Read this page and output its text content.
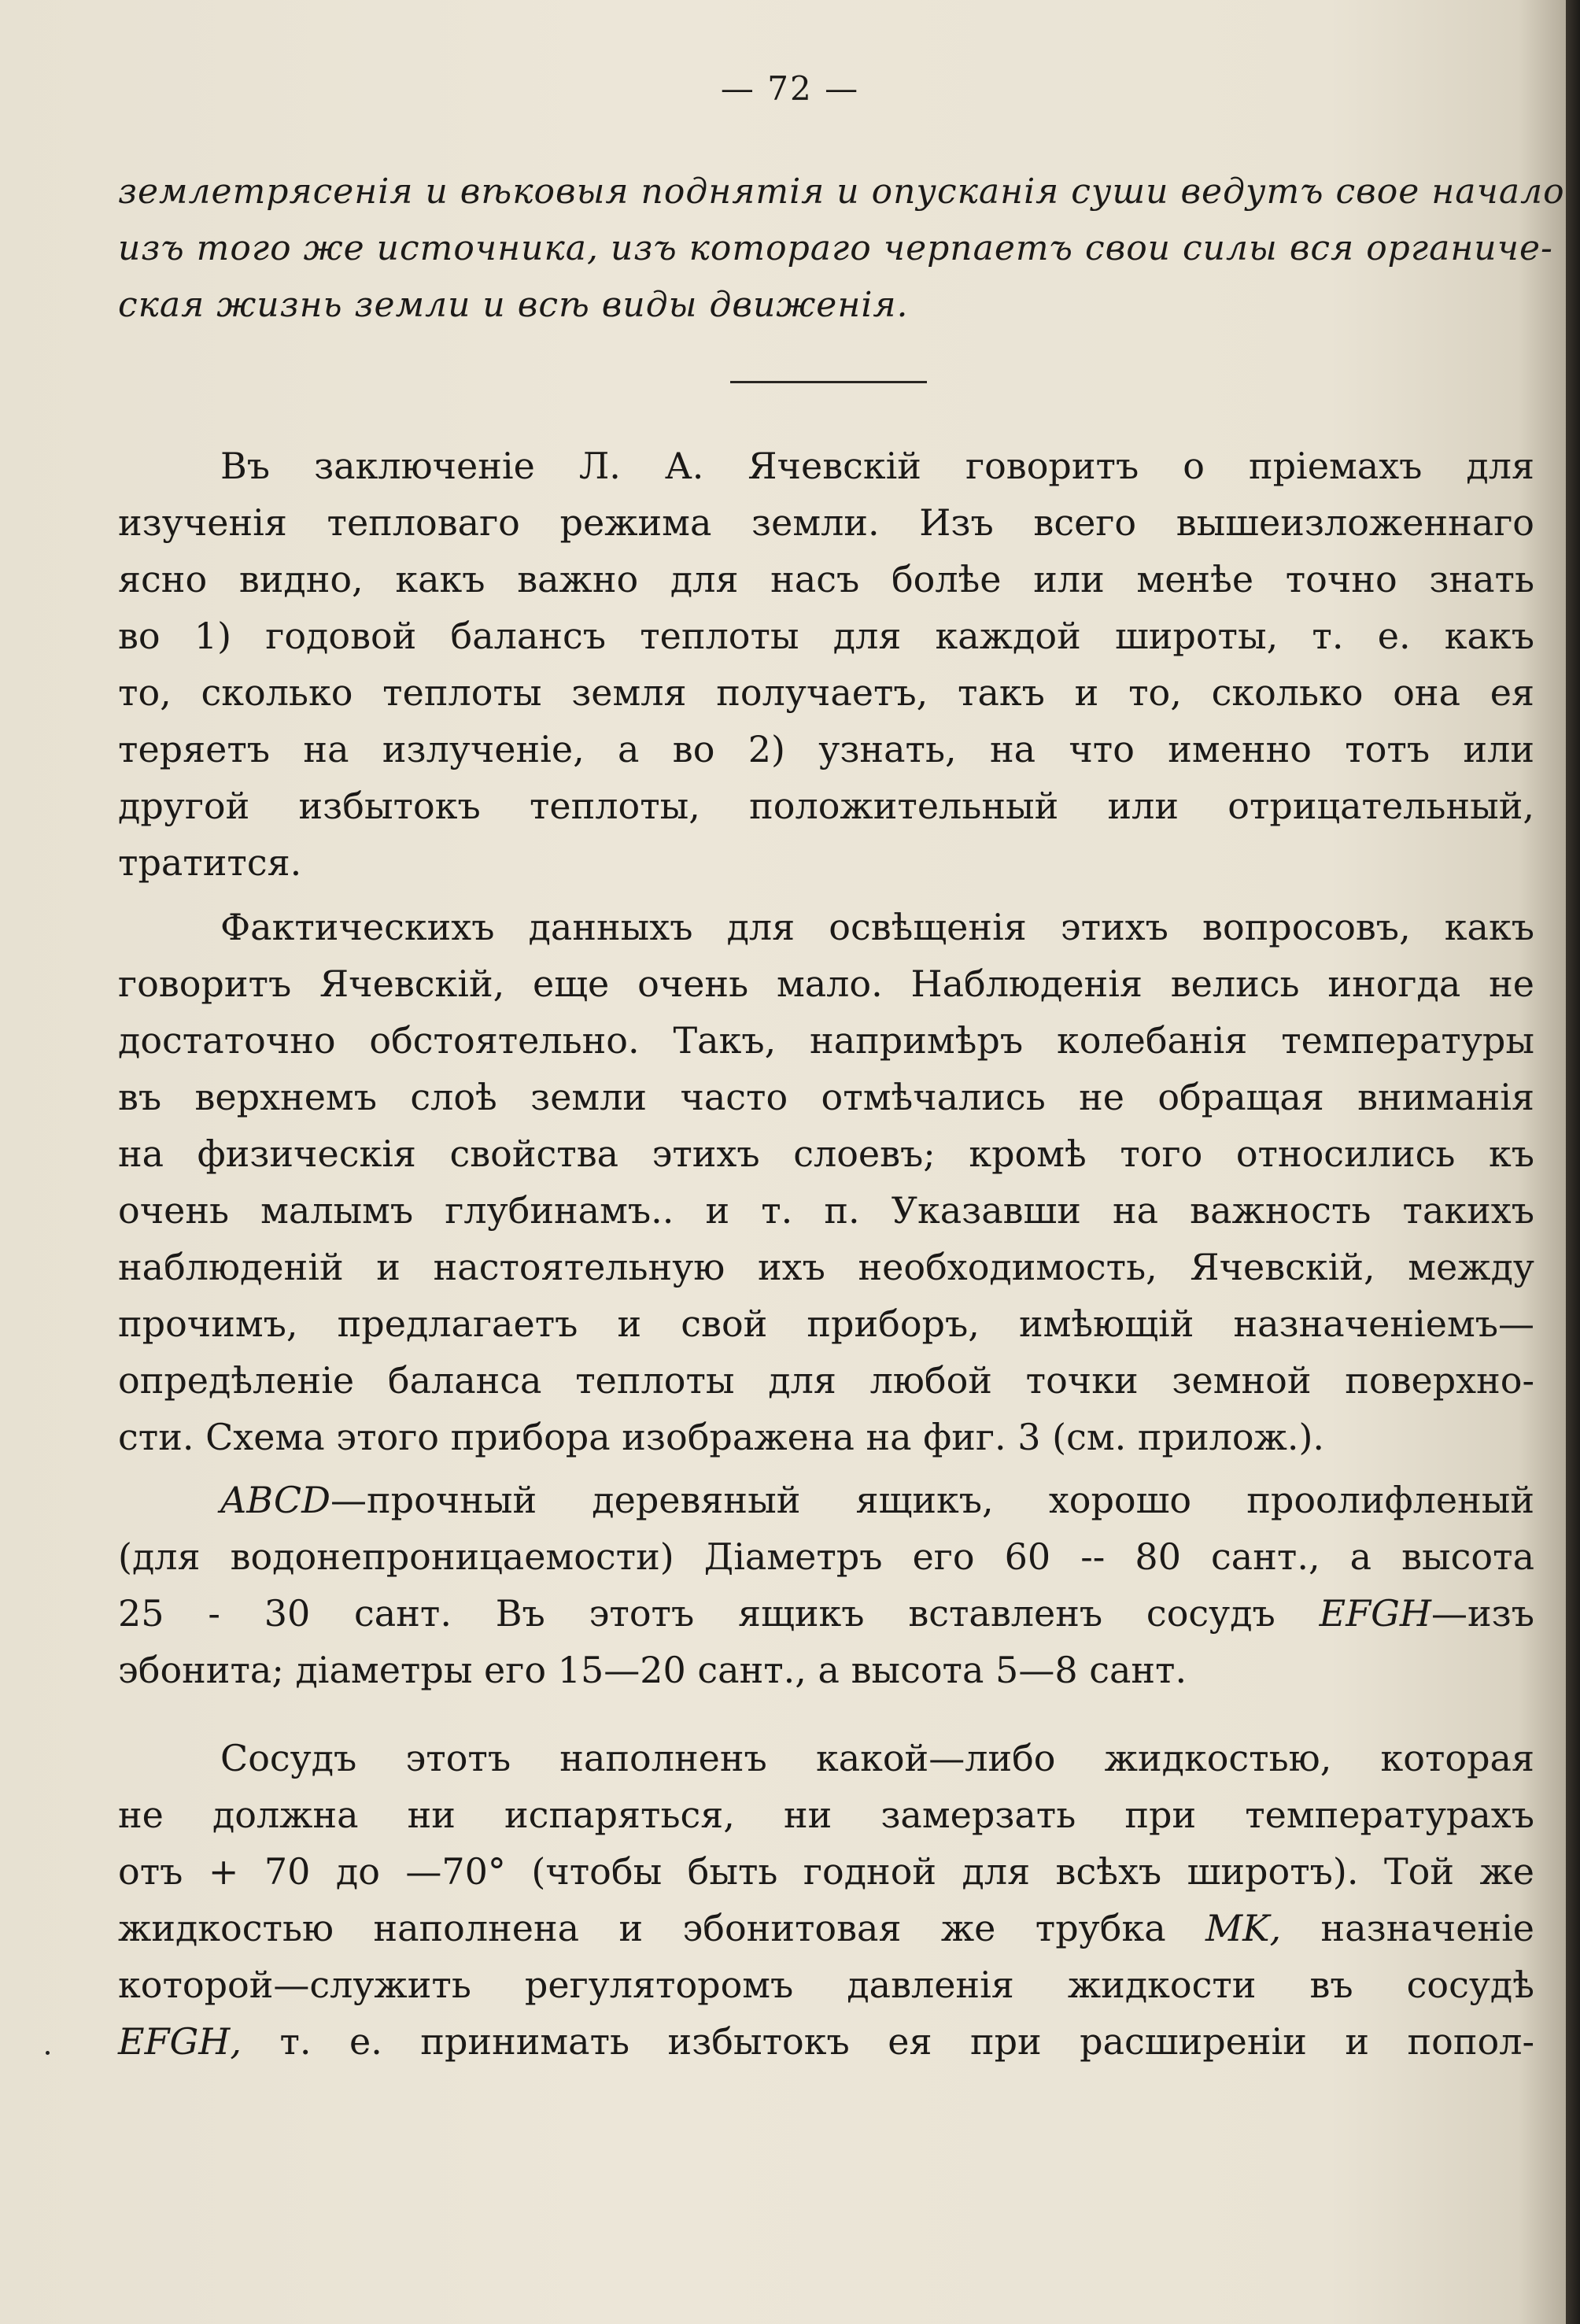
— 72 —
землетрясенія и вѣковыя поднятія и опусканія суши ведутъ свое начало
изъ того же источника, изъ котораго черпаетъ свои силы вся органиче-
ская жизнь земли и всѣ виды движенія.
Въ заключеніе Л. А. Ячевскій говоритъ о пріемахъ для
изученія тепловаго режима земли. Изъ всего вышеизложеннаго
ясно видно, какъ важно для насъ болѣе или менѣе точно знать
во 1) годовой балансъ теплоты для каждой широты, т. е. какъ
то, сколько теплоты земля получаетъ, такъ и то, сколько она ея
теряетъ на излученіе, а во 2) узнать, на что именно тотъ или
другой избытокъ теплоты, положительный или отрицательный,
тратится.
Фактическихъ данныхъ для освѣщенія этихъ вопросовъ, какъ
говоритъ Ячевскій, еще очень мало. Наблюденія велись иногда не
достаточно обстоятельно. Такъ, напримѣръ колебанія температуры
въ верхнемъ слоѣ земли часто отмѣчались не обращая вниманія
на физическія свойства этихъ слоевъ; кромѣ того относились къ
очень малымъ глубинамъ.. и т. п. Указавши на важность такихъ
наблюденій и настоятельную ихъ необходимость, Ячевскій, между
прочимъ, предлагаетъ и свой приборъ, имѣющій назначеніемъ—
опредѣленіе баланса теплоты для любой точки земной поверхно-
сти. Схема этого прибора изображена на фиг. 3 (см. прилож.).
ABCD—прочный деревяный ящикъ, хорошо проолифленый
(для водонепроницаемости) Діаметръ его 60 -- 80 сант., а высота
25 - 30 сант. Въ этотъ ящикъ вставленъ сосудъ EFGH—изъ
эбонита; діаметры его 15—20 сант., а высота 5—8 сант.
Сосудъ этотъ наполненъ какой—либо жидкостью, которая
не должна ни испаряться, ни замерзать при температурахъ
отъ + 70 до —70° (чтобы быть годной для всѣхъ широтъ). Той же
жидкостью наполнена и эбонитовая же трубка MK, назначеніе
которой—служить регуляторомъ давленія жидкости въ сосудѣ
EFGH, т. е. принимать избытокъ ея при расширеніи и попол-
